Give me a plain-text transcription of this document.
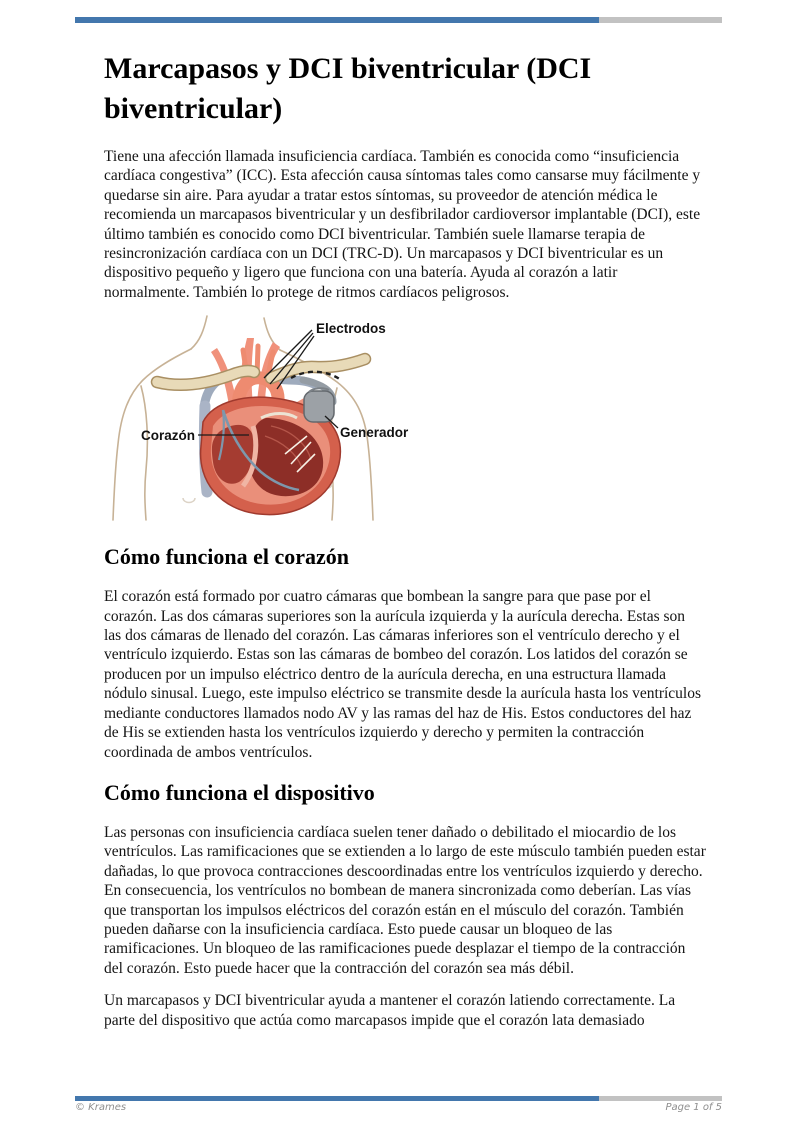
Marcapasos y DCI biventricular (DCI biventricular)

Tiene una afección llamada insuficiencia cardíaca. También es conocida como “insuficiencia cardíaca congestiva” (ICC). Esta afección causa síntomas tales como cansarse muy fácilmente y quedarse sin aire. Para ayudar a tratar estos síntomas, su proveedor de atención médica le recomienda un marcapasos biventricular y un desfibrilador cardioversor implantable (DCI), este último también es conocido como DCI biventricular. También suele llamarse terapia de resincronización cardíaca con un DCI (TRC-D). Un marcapasos y DCI biventricular es un dispositivo pequeño y ligero que funciona con una batería. Ayuda al corazón a latir normalmente. También lo protege de ritmos cardíacos peligrosos.

Electrodos
Corazón	Generador
Cómo funciona el corazón

El corazón está formado por cuatro cámaras que bombean la sangre para que pase por el corazón. Las dos cámaras superiores son la aurícula izquierda y la aurícula derecha. Estas son las dos cámaras de llenado del corazón. Las cámaras inferiores son el ventrículo derecho y el ventrículo izquierdo. Estas son las cámaras de bombeo del corazón. Los latidos del corazón se producen por un impulso eléctrico dentro de la aurícula derecha, en una estructura llamada nódulo sinusal. Luego, este impulso eléctrico se transmite desde la aurícula hasta los ventrículos mediante conductores llamados nodo AV y las ramas del haz de His. Estos conductores del haz de His se extienden hasta los ventrículos izquierdo y derecho y permiten la contracción coordinada de ambos ventrículos.

Cómo funciona el dispositivo

Las personas con insuficiencia cardíaca suelen tener dañado o debilitado el miocardio de los ventrículos. Las ramificaciones que se extienden a lo largo de este músculo también pueden estar dañadas, lo que provoca contracciones descoordinadas entre los ventrículos izquierdo y derecho. En consecuencia, los ventrículos no bombean de manera sincronizada como deberían. Las vías que transportan los impulsos eléctricos del corazón están en el músculo del corazón. También pueden dañarse con la insuficiencia cardíaca. Esto puede causar un bloqueo de las ramificaciones. Un bloqueo de las ramificaciones puede desplazar el tiempo de la contracción del corazón. Esto puede hacer que la contracción del corazón sea más débil.

Un marcapasos y DCI biventricular ayuda a mantener el corazón latiendo correctamente. La parte del dispositivo que actúa como marcapasos impide que el corazón lata demasiado

© Krames	Page 1 of 5
